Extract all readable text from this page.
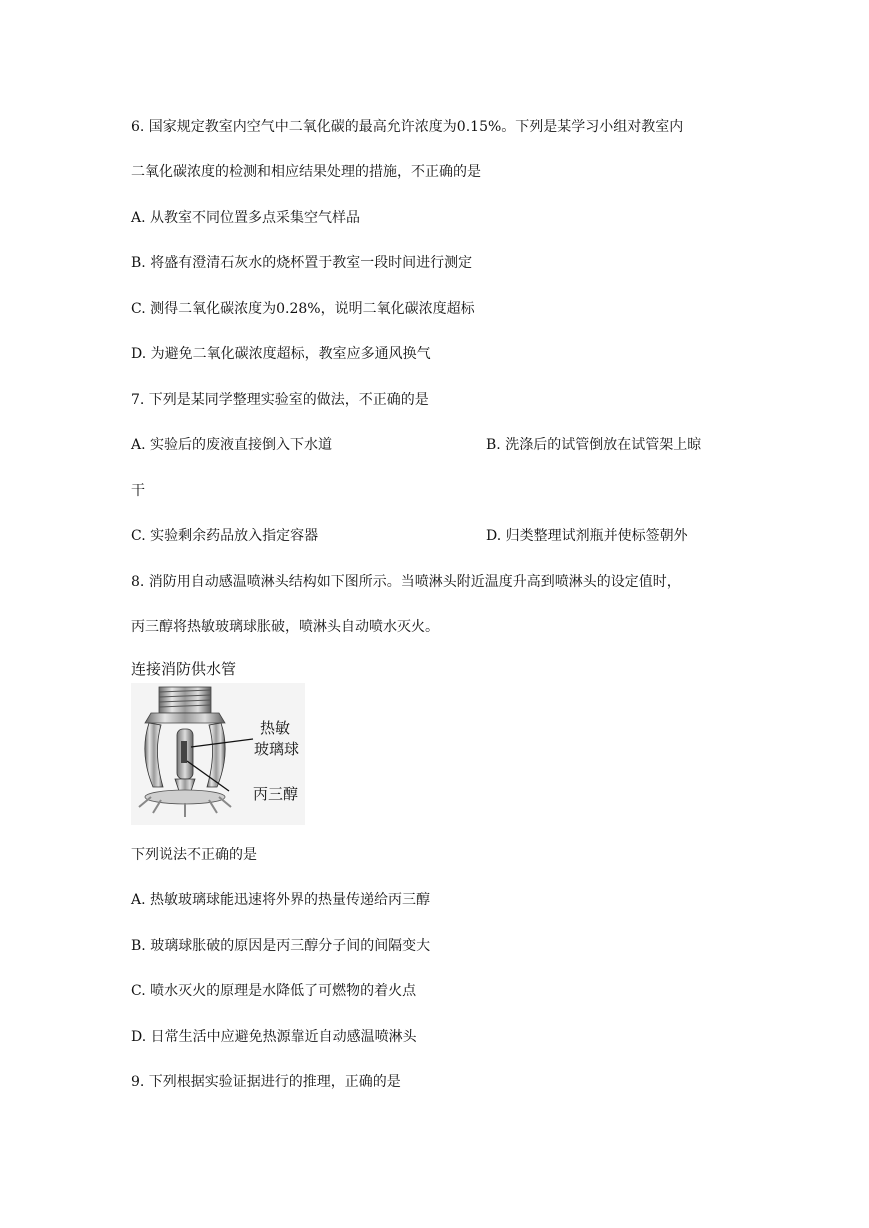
6. 国家规定教室内空气中二氧化碳的最高允许浓度为0.15%。下列是某学习小组对教室内
二氧化碳浓度的检测和相应结果处理的措施，不正确的是
A. 从教室不同位置多点采集空气样品
B. 将盛有澄清石灰水的烧杯置于教室一段时间进行测定
C. 测得二氧化碳浓度为0.28%，说明二氧化碳浓度超标
D. 为避免二氧化碳浓度超标，教室应多通风换气
7. 下列是某同学整理实验室的做法，不正确的是
A. 实验后的废液直接倒入下水道	B. 洗涤后的试管倒放在试管架上晾
干
C. 实验剩余药品放入指定容器	D. 归类整理试剂瓶并使标签朝外
8. 消防用自动感温喷淋头结构如下图所示。当喷淋头附近温度升高到喷淋头的设定值时，
丙三醇将热敏玻璃球胀破，喷淋头自动喷水灭火。
连接消防供水管
热敏
玻璃球
丙三醇
下列说法不正确的是
A. 热敏玻璃球能迅速将外界的热量传递给丙三醇
B. 玻璃球胀破的原因是丙三醇分子间的间隔变大
C. 喷水灭火的原理是水降低了可燃物的着火点
D. 日常生活中应避免热源靠近自动感温喷淋头
9. 下列根据实验证据进行的推理，正确的是
